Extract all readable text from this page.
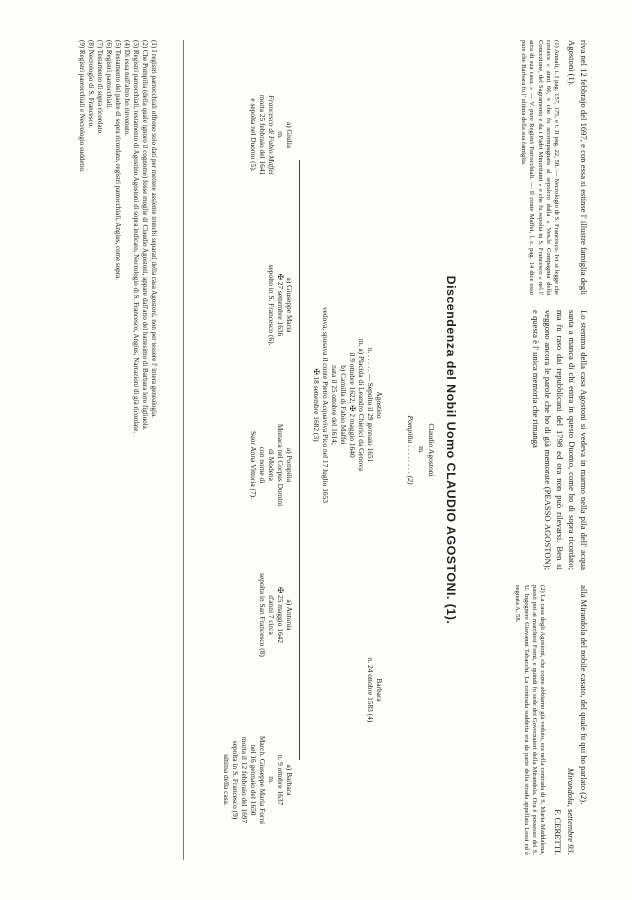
riva nel 12 febbrajo del 1697, e con essa si estinse l' illustre famiglia degli Agostoni (1).

(1) Annali, t. I pag. 157, 175, e t. II pag. 22, 58. — Necrologio di S. Francesco. Ivi si legge che costava « anni 66, e che fu accompagnata al sepolcro dalla « Ven.le Compagnia della Concezione, del Sagramento e da i Padri Minoritanti » e che fu sepolta in S. Francesco « nel l' arca di sua casa. » — V. pure Registri Parrocchiali. — Il conte Maffei, l. c. pag. 14 dice esso pure che Barbara fu l' ultima della sua famiglia.

Lo stemma della casa Agostoni si vedeva in marmo nella pila dell' acqua santa a manca di chi entra in questo Duomo, come ho di sopra ricordato; ma fu raso dai repubblicani del 1798 ed ora non può rilevarsi. Ben si veggono ancora le parole che ho di già memorate (PEASSO AGOSTON); e questa è l' unica memoria che rimanga

alla Mirandola del nobile casato, del quale fu qui ho parlato (2).

Mirandola, settembre 93.

F. CERETTI.

(2) La casa degli Agostoni, che come abbiamo già veduto, era nella contrada di S. Maria Maddalena, passò poi ai marchesi Forni, e quindi fu sede dei Governatori della Mirandola. Ora è possesso del S. U. Ingegnere Giovanni Tabacchi. La contrada suddetta era da parte della strada appellata Lossi ed è segnata A. 58.

Discendenza del Nobil Uomo CLAUDIO AGOSTONI. (1).
Claudio Agostoni
m.
Pompilia . . . . . . . . (2)
Agostino
n. . . . . . — Sepolto il 29 gennaio 1651
m. a) Placida di Leandro Chierici da Genova
il 9 ottobre 1622; ✠ 2 maggio 1640
b) Camilla di Fabio Maffei
nata il 25 ottobre del 1614;
vedova, sposava il conte Pietro Acquaviva Pico nel 17 luglio 1653
✠ 18 settembre 1682 (3)
Barbara
n. 24 ottobre 1583 (4)
a) Giulia
m.
Francesco di Fabio Maffei
morta 25 febbraio del 1641
e sepolta nel Duomo (5).
a) Giuseppe Maria
✠ 27 settembre 1636
sepolto in S. Francesco (6).
a) Pompilia
Monaca nel Corpus Domini
di Modena
con nome di
Suor Anna Vittoria (7).
a) Antonia
✠ 25 maggio 1642
d'anni 7 circa
sepolta in San Francesco (8)
a) Barbara
n. 9 ottobre 1637
m.
March. Giuseppe Maria Forni
nel 16 gennaio del 1650
morta il 12 febbraio del 1697
sepolta in S. Francesco (9)
ultima della casa.
(1) I registri parrocchiali offrono solo dati per mettere assieme tronchi separati della casa Agostoni, non per tessere l' intera genealogia.
(2) Che Pompilia (della quale ignoro il cognome) fosse moglie di Claudio Agostoni, appare dall'atto del battesimo di Barbara loro figliuola.
(3) Registri parrocchiali, testamento di Agostino Agostoni di sopra indicato, Necrologio di S. Francesco, Angius, Narrazioni di già ricordate.
(4) Di essa null'altro ho rinvenuto.
(5) Testamento del padre di sopra ricordato, registri parrocchiali, Angius, come sopra.
(6) Registri parrocchiali.
(7) Testamento di sopra ricordato.
(8) Necrologio di S. Francesco.
(9) Registri parrocchiali e Necrologio suddetto.
